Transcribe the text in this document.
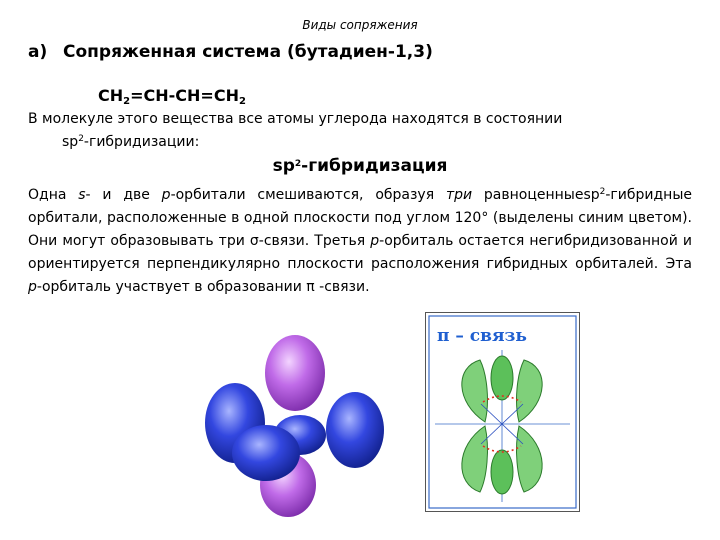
Виды сопряжения
а) Сопряженная система (бутадиен-1,3)
$CH_2=CH-CH=CH_2$
В молекуле этого вещества все атомы углерода находятся в состоянии
$sp^2$-гибридизации:
$sp^2$-гибридизация
Одна s- и две р-орбитали смешиваются, образуя три равноценныеsp$^2$-гибридные орбитали, расположенные в одной плоскости под углом 120° (выделены синим цветом). Они могут образовывать три σ-связи. Третья р-орбиталь остается негибридизованной и ориентируется перпендикулярно плоскости расположения гибридных орбиталей. Эта р-орбиталь участвует в образовании π -связи.
π – связь
